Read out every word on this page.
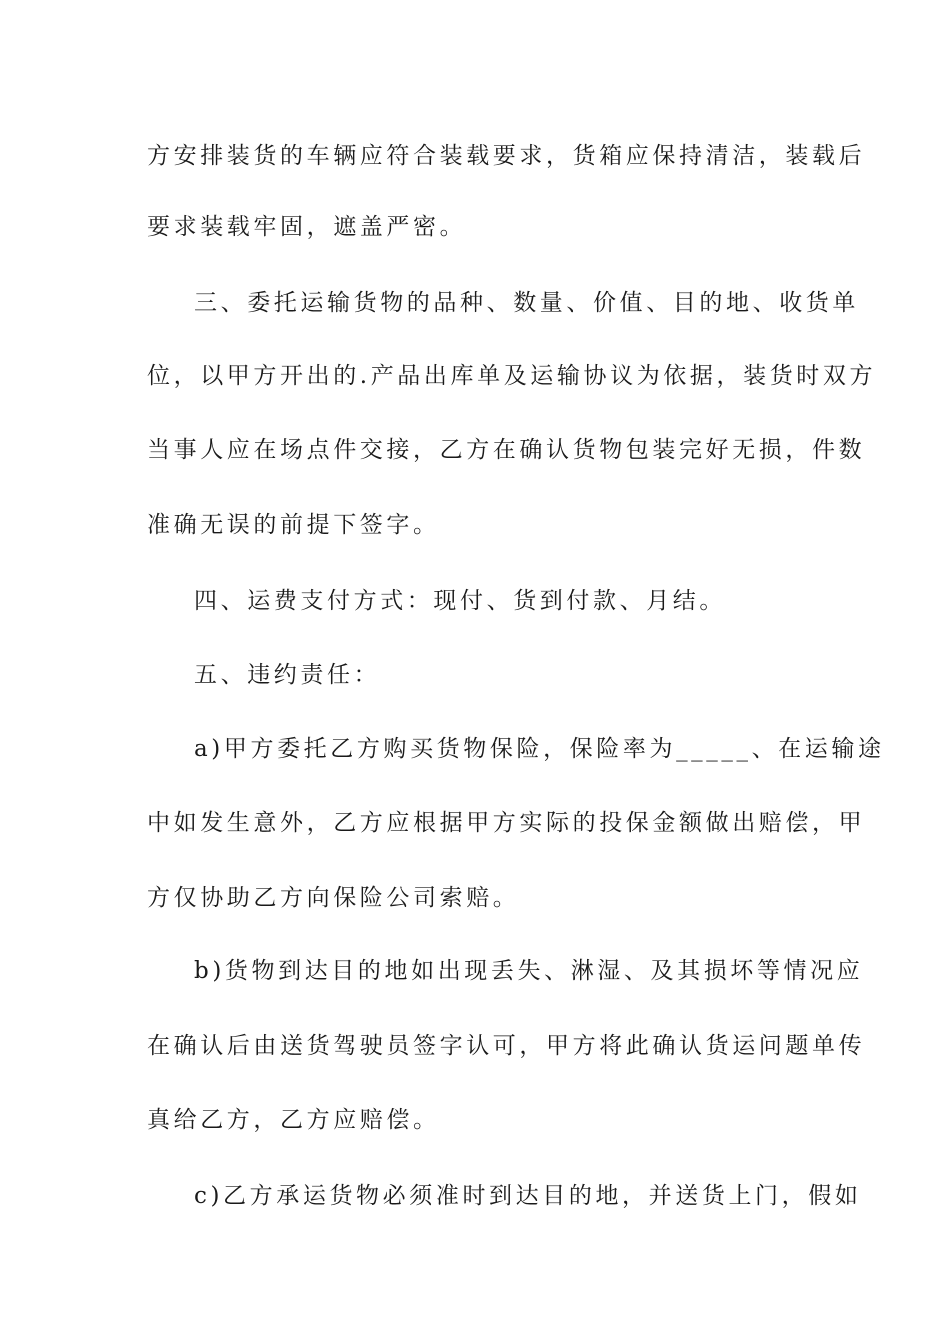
方安排装货的车辆应符合装载要求，货箱应保持清洁，装载后
要求装载牢固，遮盖严密。
三、委托运输货物的品种、数量、价值、目的地、收货单
位，以甲方开出的.产品出库单及运输协议为依据，装货时双方
当事人应在场点件交接，乙方在确认货物包装完好无损，件数
准确无误的前提下签字。
四、运费支付方式：现付、货到付款、月结。
五、违约责任：
a)甲方委托乙方购买货物保险，保险率为_____、在运输途
中如发生意外，乙方应根据甲方实际的投保金额做出赔偿，甲
方仅协助乙方向保险公司索赔。
b)货物到达目的地如出现丢失、淋湿、及其损坏等情况应
在确认后由送货驾驶员签字认可，甲方将此确认货运问题单传
真给乙方，乙方应赔偿。
c)乙方承运货物必须准时到达目的地，并送货上门，假如
